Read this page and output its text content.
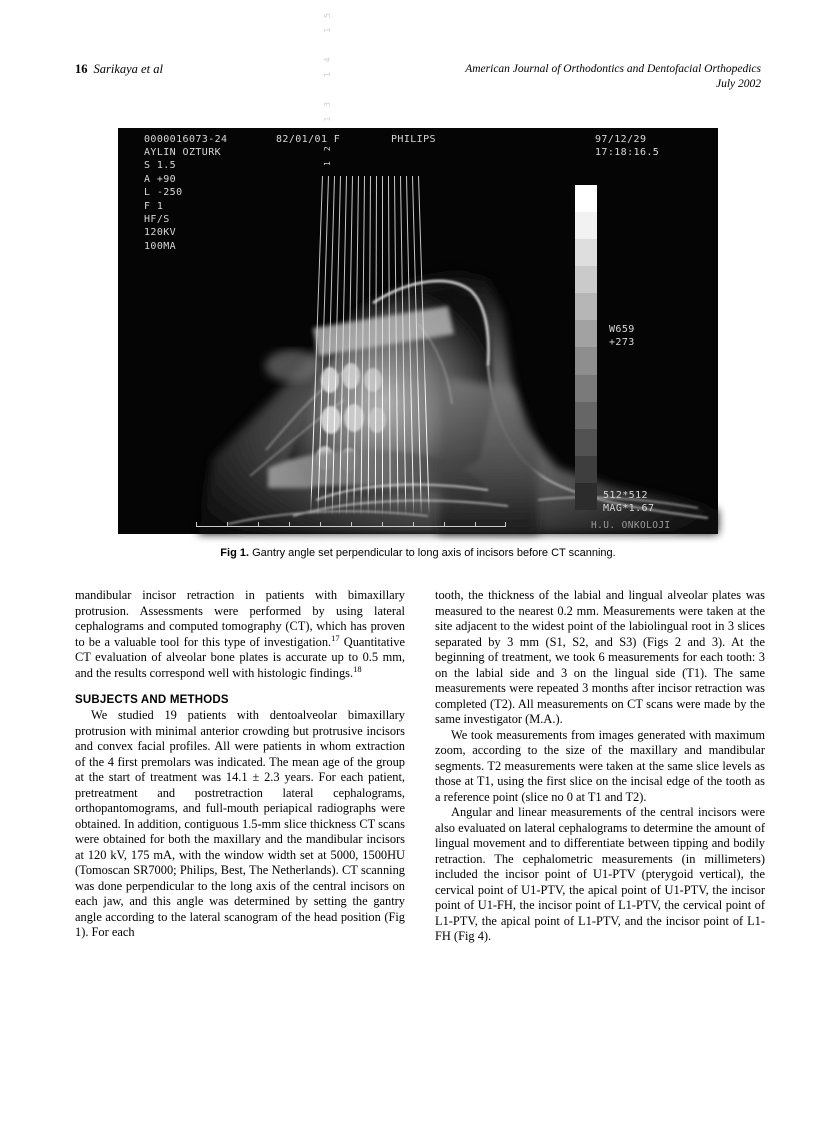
16 Sarikaya et al	American Journal of Orthodontics and Dentofacial Orthopedics
July 2002
12 13 14 15
0000016073-24	82/01/01 F	PHILIPS	97/12/29
17:18:16.5
AYLIN OZTURK
S 1.5
A +90
L -250
F 1
HF/S
120KV
100MA
W659
+273
512*512
MAG*1.67
H.U. ONKOLOJI
Fig 1. Gantry angle set perpendicular to long axis of incisors before CT scanning.

mandibular incisor retraction in patients with bimaxillary protrusion. Assessments were performed by using lateral cephalograms and computed tomography (CT), which has proven to be a valuable tool for this type of investigation.$^{17}$ Quantitative CT evaluation of alveolar bone plates is accurate up to 0.5 mm, and the results correspond well with histologic findings.$^{18}$

SUBJECTS AND METHODS

We studied 19 patients with dentoalveolar bimaxillary protrusion with minimal anterior crowding but protrusive incisors and convex facial profiles. All were patients in whom extraction of the 4 first premolars was indicated. The mean age of the group at the start of treatment was 14.1 ± 2.3 years. For each patient, pretreatment and postretraction lateral cephalograms, orthopantomograms, and full-mouth periapical radiographs were obtained. In addition, contiguous 1.5-mm slice thickness CT scans were obtained for both the maxillary and the mandibular incisors at 120 kV, 175 mA, with the window width set at 5000, 1500HU (Tomoscan SR7000; Philips, Best, The Netherlands). CT scanning was done perpendicular to the long axis of the central incisors on each jaw, and this angle was determined by setting the gantry angle according to the lateral scanogram of the head position (Fig 1). For each

tooth, the thickness of the labial and lingual alveolar plates was measured to the nearest 0.2 mm. Measurements were taken at the site adjacent to the widest point of the labiolingual root in 3 slices separated by 3 mm (S1, S2, and S3) (Figs 2 and 3). At the beginning of treatment, we took 6 measurements for each tooth: 3 on the labial side and 3 on the lingual side (T1). The same measurements were repeated 3 months after incisor retraction was completed (T2). All measurements on CT scans were made by the same investigator (M.A.).

We took measurements from images generated with maximum zoom, according to the size of the maxillary and mandibular segments. T2 measurements were taken at the same slice levels as those at T1, using the first slice on the incisal edge of the tooth as a reference point (slice no 0 at T1 and T2).

Angular and linear measurements of the central incisors were also evaluated on lateral cephalograms to determine the amount of lingual movement and to differentiate between tipping and bodily retraction. The cephalometric measurements (in millimeters) included the incisor point of U1-PTV (pterygoid vertical), the cervical point of U1-PTV, the apical point of U1-PTV, the incisor point of U1-FH, the incisor point of L1-PTV, the cervical point of L1-PTV, the apical point of L1-PTV, and the incisor point of L1-FH (Fig 4).
